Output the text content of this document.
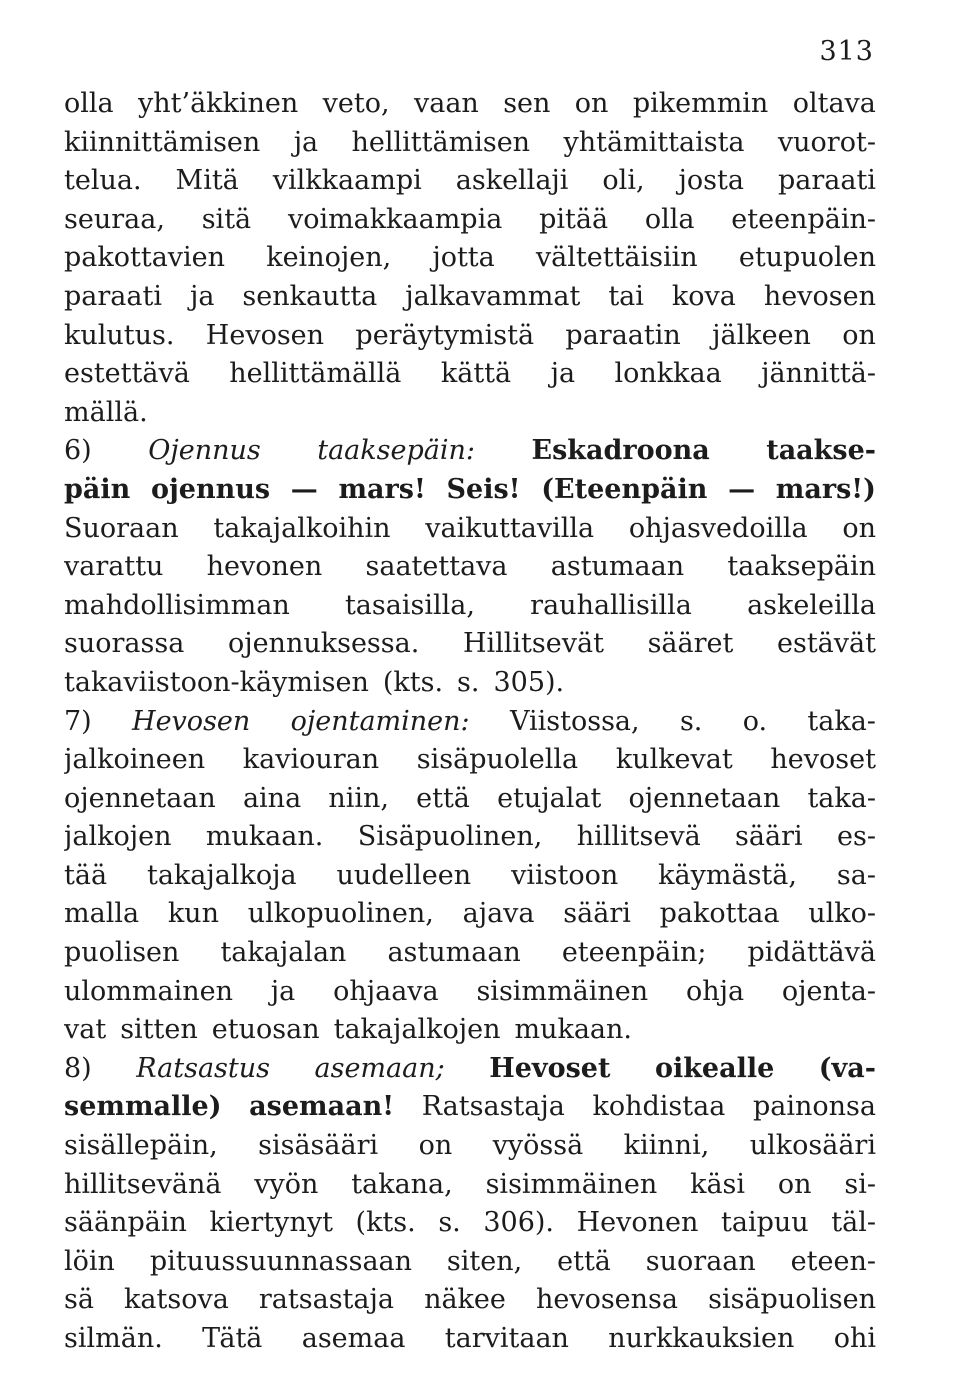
313
olla yht’äkkinen veto, vaan sen on pikemmin oltava
kiinnittämisen ja hellittämisen yhtämittaista vuorot-
telua. Mitä vilkkaampi askellaji oli, josta paraati
seuraa, sitä voimakkaampia pitää olla eteenpäin-
pakottavien keinojen, jotta vältettäisiin etupuolen
paraati ja senkautta jalkavammat tai kova hevosen
kulutus. Hevosen peräytymistä paraatin jälkeen on
estettävä hellittämällä kättä ja lonkkaa jännittä-
mällä.
6) Ojennus taaksepäin: Eskadroona taakse-
päin ojennus — mars! Seis! (Eteenpäin — mars!)
Suoraan takajalkoihin vaikuttavilla ohjasvedoilla on
varattu hevonen saatettava astumaan taaksepäin
mahdollisimman tasaisilla, rauhallisilla askeleilla
suorassa ojennuksessa. Hillitsevät sääret estävät
takaviistoon-käymisen (kts. s. 305).
7) Hevosen ojentaminen: Viistossa, s. o. taka-
jalkoineen kaviouran sisäpuolella kulkevat hevoset
ojennetaan aina niin, että etujalat ojennetaan taka-
jalkojen mukaan. Sisäpuolinen, hillitsevä sääri es-
tää takajalkoja uudelleen viistoon käymästä, sa-
malla kun ulkopuolinen, ajava sääri pakottaa ulko-
puolisen takajalan astumaan eteenpäin; pidättävä
ulommainen ja ohjaava sisimmäinen ohja ojenta-
vat sitten etuosan takajalkojen mukaan.
8) Ratsastus asemaan; Hevoset oikealle (va-
semmalle) asemaan! Ratsastaja kohdistaa painonsa
sisällepäin, sisäsääri on vyössä kiinni, ulkosääri
hillitsevänä vyön takana, sisimmäinen käsi on si-
säänpäin kiertynyt (kts. s. 306). Hevonen taipuu täl-
löin pituussuunnassaan siten, että suoraan eteen-
sä katsova ratsastaja näkee hevosensa sisäpuolisen
silmän. Tätä asemaa tarvitaan nurkkauksien ohi
